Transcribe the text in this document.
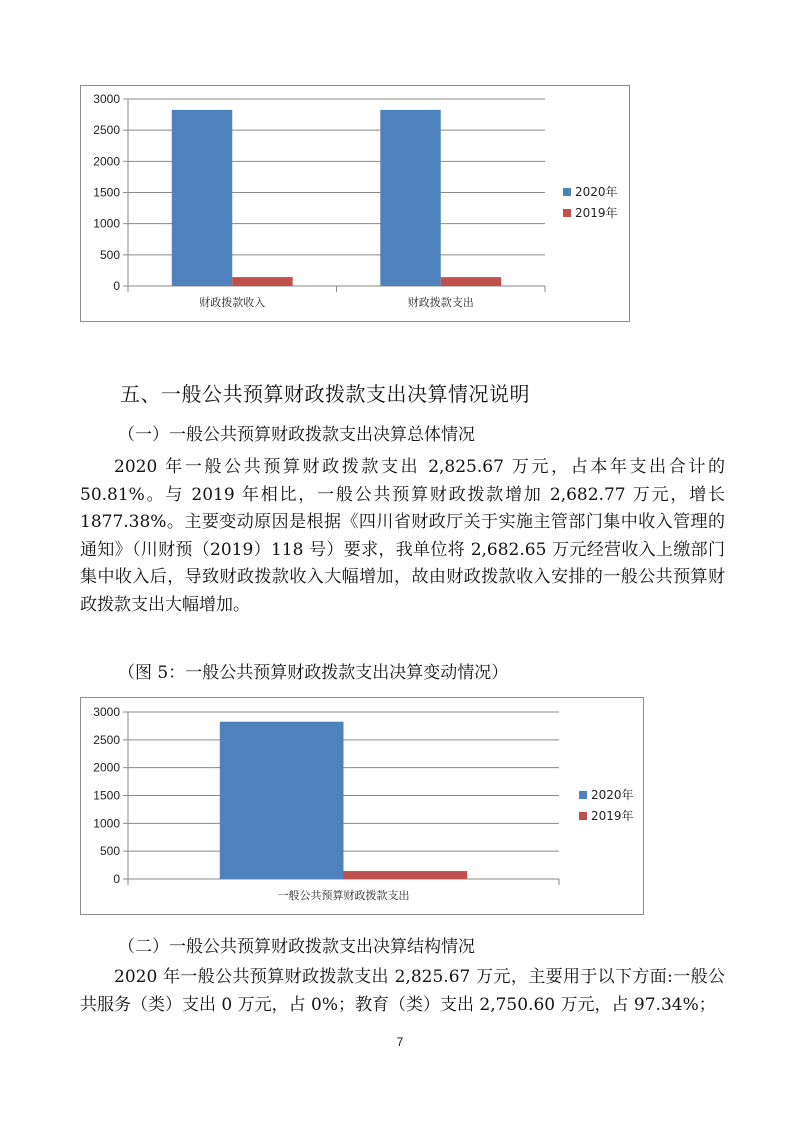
0
500
1000
1500
2000
2500
3000
财政拨款收入	财政拨款支出
2020年
2019年
五、一般公共预算财政拨款支出决算情况说明
（一）一般公共预算财政拨款支出决算总体情况
2020 年一般公共预算财政拨款支出 2,825.67 万元，占本年支出合计的 50.81%。与 2019 年相比，一般公共预算财政拨款增加 2,682.77 万元，增长 1877.38%。主要变动原因是根据《四川省财政厅关于实施主管部门集中收入管理的通知》（川财预（2019）118 号）要求，我单位将 2,682.65 万元经营收入上缴部门集中收入后，导致财政拨款收入大幅增加，故由财政拨款收入安排的一般公共预算财政拨款支出大幅增加。
（图 5：一般公共预算财政拨款支出决算变动情况）
0
500
1000
1500
2000
2500
3000
一般公共预算财政拨款支出
2020年
2019年
（二）一般公共预算财政拨款支出决算结构情况
2020 年一般公共预算财政拨款支出 2,825.67 万元，主要用于以下方面:一般公共服务（类）支出 0 万元，占 0%；教育（类）支出 2,750.60 万元，占 97.34%；
7
